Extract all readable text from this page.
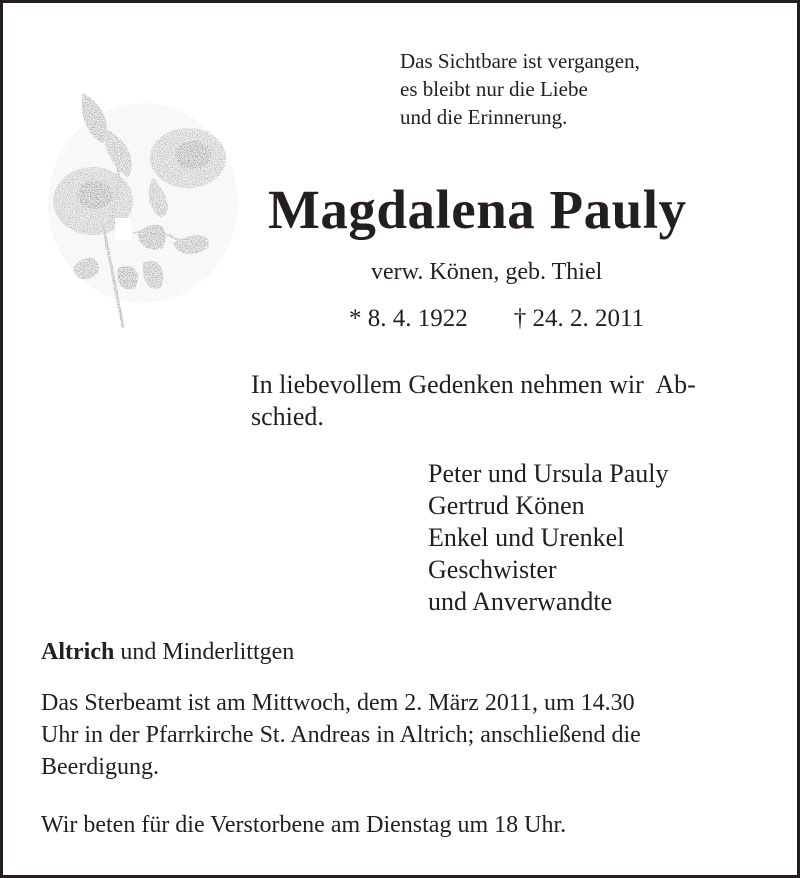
Das Sichtbare ist vergangen,
es bleibt nur die Liebe
und die Erinnerung.
Magdalena Pauly
verw. Könen, geb. Thiel
* 8. 4. 1922 † 24. 2. 2011
In liebevollem Gedenken nehmen wir  Ab-
schied.
Peter und Ursula Pauly
Gertrud Könen
Enkel und Urenkel
Geschwister
und Anverwandte
Altrich und Minderlittgen
Das Sterbeamt ist am Mittwoch, dem 2. März 2011, um 14.30
Uhr in der Pfarrkirche St. Andreas in Altrich; anschließend die
Beerdigung.
Wir beten für die Verstorbene am Dienstag um 18 Uhr.
